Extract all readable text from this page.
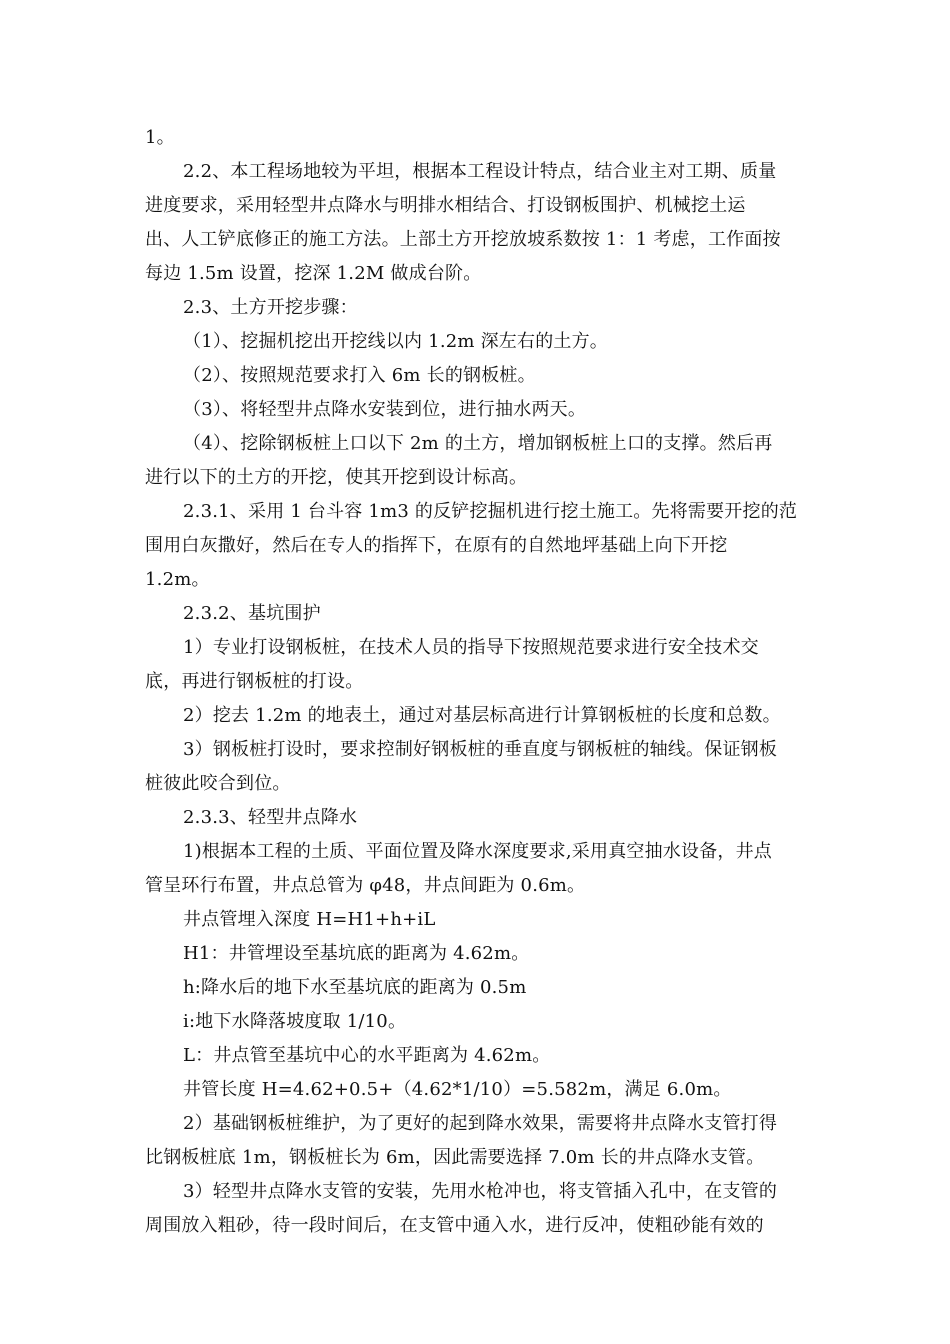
1。
2.2、本工程场地较为平坦，根据本工程设计特点，结合业主对工期、质量
进度要求，采用轻型井点降水与明排水相结合、打设钢板围护、机械挖土运
出、人工铲底修正的施工方法。上部土方开挖放坡系数按 1：1 考虑，工作面按
每边 1.5m 设置，挖深 1.2M 做成台阶。
2.3、土方开挖步骤：
（1）、挖掘机挖出开挖线以内 1.2m 深左右的土方。
（2）、按照规范要求打入 6m 长的钢板桩。
（3）、将轻型井点降水安装到位，进行抽水两天。
（4）、挖除钢板桩上口以下 2m 的土方，增加钢板桩上口的支撑。然后再
进行以下的土方的开挖，使其开挖到设计标高。
2.3.1、采用 1 台斗容 1m3 的反铲挖掘机进行挖土施工。先将需要开挖的范
围用白灰撒好，然后在专人的指挥下，在原有的自然地坪基础上向下开挖
1.2m。
2.3.2、基坑围护
1）专业打设钢板桩，在技术人员的指导下按照规范要求进行安全技术交
底，再进行钢板桩的打设。
2）挖去 1.2m 的地表土，通过对基层标高进行计算钢板桩的长度和总数。
3）钢板桩打设时，要求控制好钢板桩的垂直度与钢板桩的轴线。保证钢板
桩彼此咬合到位。
2.3.3、轻型井点降水
1)根据本工程的土质、平面位置及降水深度要求,采用真空抽水设备，井点
管呈环行布置，井点总管为 φ48，井点间距为 0.6m。
井点管埋入深度 H=H1+h+iL
H1：井管埋设至基坑底的距离为 4.62m。
h:降水后的地下水至基坑底的距离为 0.5m
i:地下水降落坡度取 1/10。
L：井点管至基坑中心的水平距离为 4.62m。
井管长度 H=4.62+0.5+（4.62*1/10）=5.582m，满足 6.0m。
2）基础钢板桩维护，为了更好的起到降水效果，需要将井点降水支管打得
比钢板桩底 1m，钢板桩长为 6m，因此需要选择 7.0m 长的井点降水支管。
3）轻型井点降水支管的安装，先用水枪冲也，将支管插入孔中，在支管的
周围放入粗砂，待一段时间后，在支管中通入水，进行反冲，使粗砂能有效的
